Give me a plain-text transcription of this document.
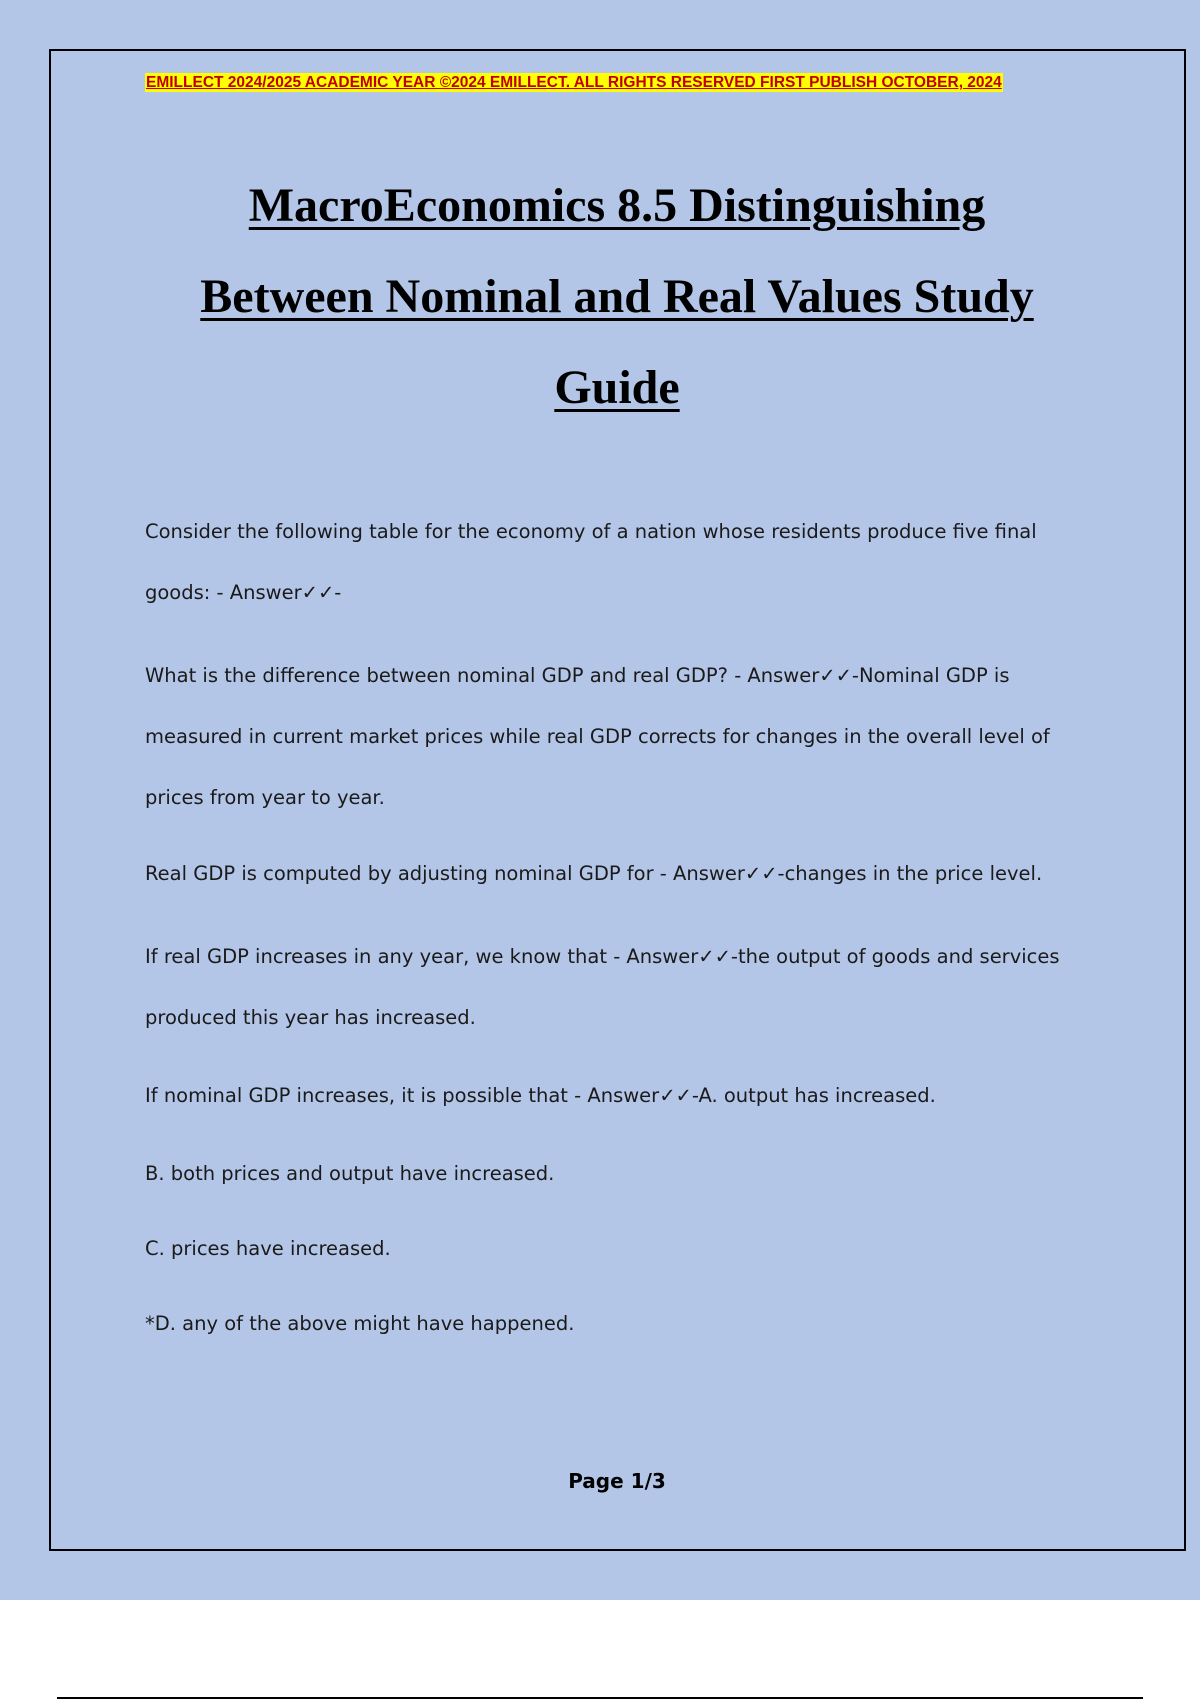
EMILLECT 2024/2025 ACADEMIC YEAR ©2024 EMILLECT. ALL RIGHTS RESERVED FIRST PUBLISH OCTOBER, 2024
MacroEconomics 8.5 Distinguishing
Between Nominal and Real Values Study
Guide
Consider the following table for the economy of a nation whose residents produce five final goods: - Answer✓✓-
What is the difference between nominal GDP and real GDP? - Answer✓✓-Nominal GDP is measured in current market prices while real GDP corrects for changes in the overall level of prices from year to year.
Real GDP is computed by adjusting nominal GDP for - Answer✓✓-changes in the price level.
If real GDP increases in any year, we know that - Answer✓✓-the output of goods and services produced this year has increased.
If nominal GDP increases, it is possible that - Answer✓✓-A. output has increased.
B. both prices and output have increased.
C. prices have increased.
*D. any of the above might have happened.
Page 1/3
